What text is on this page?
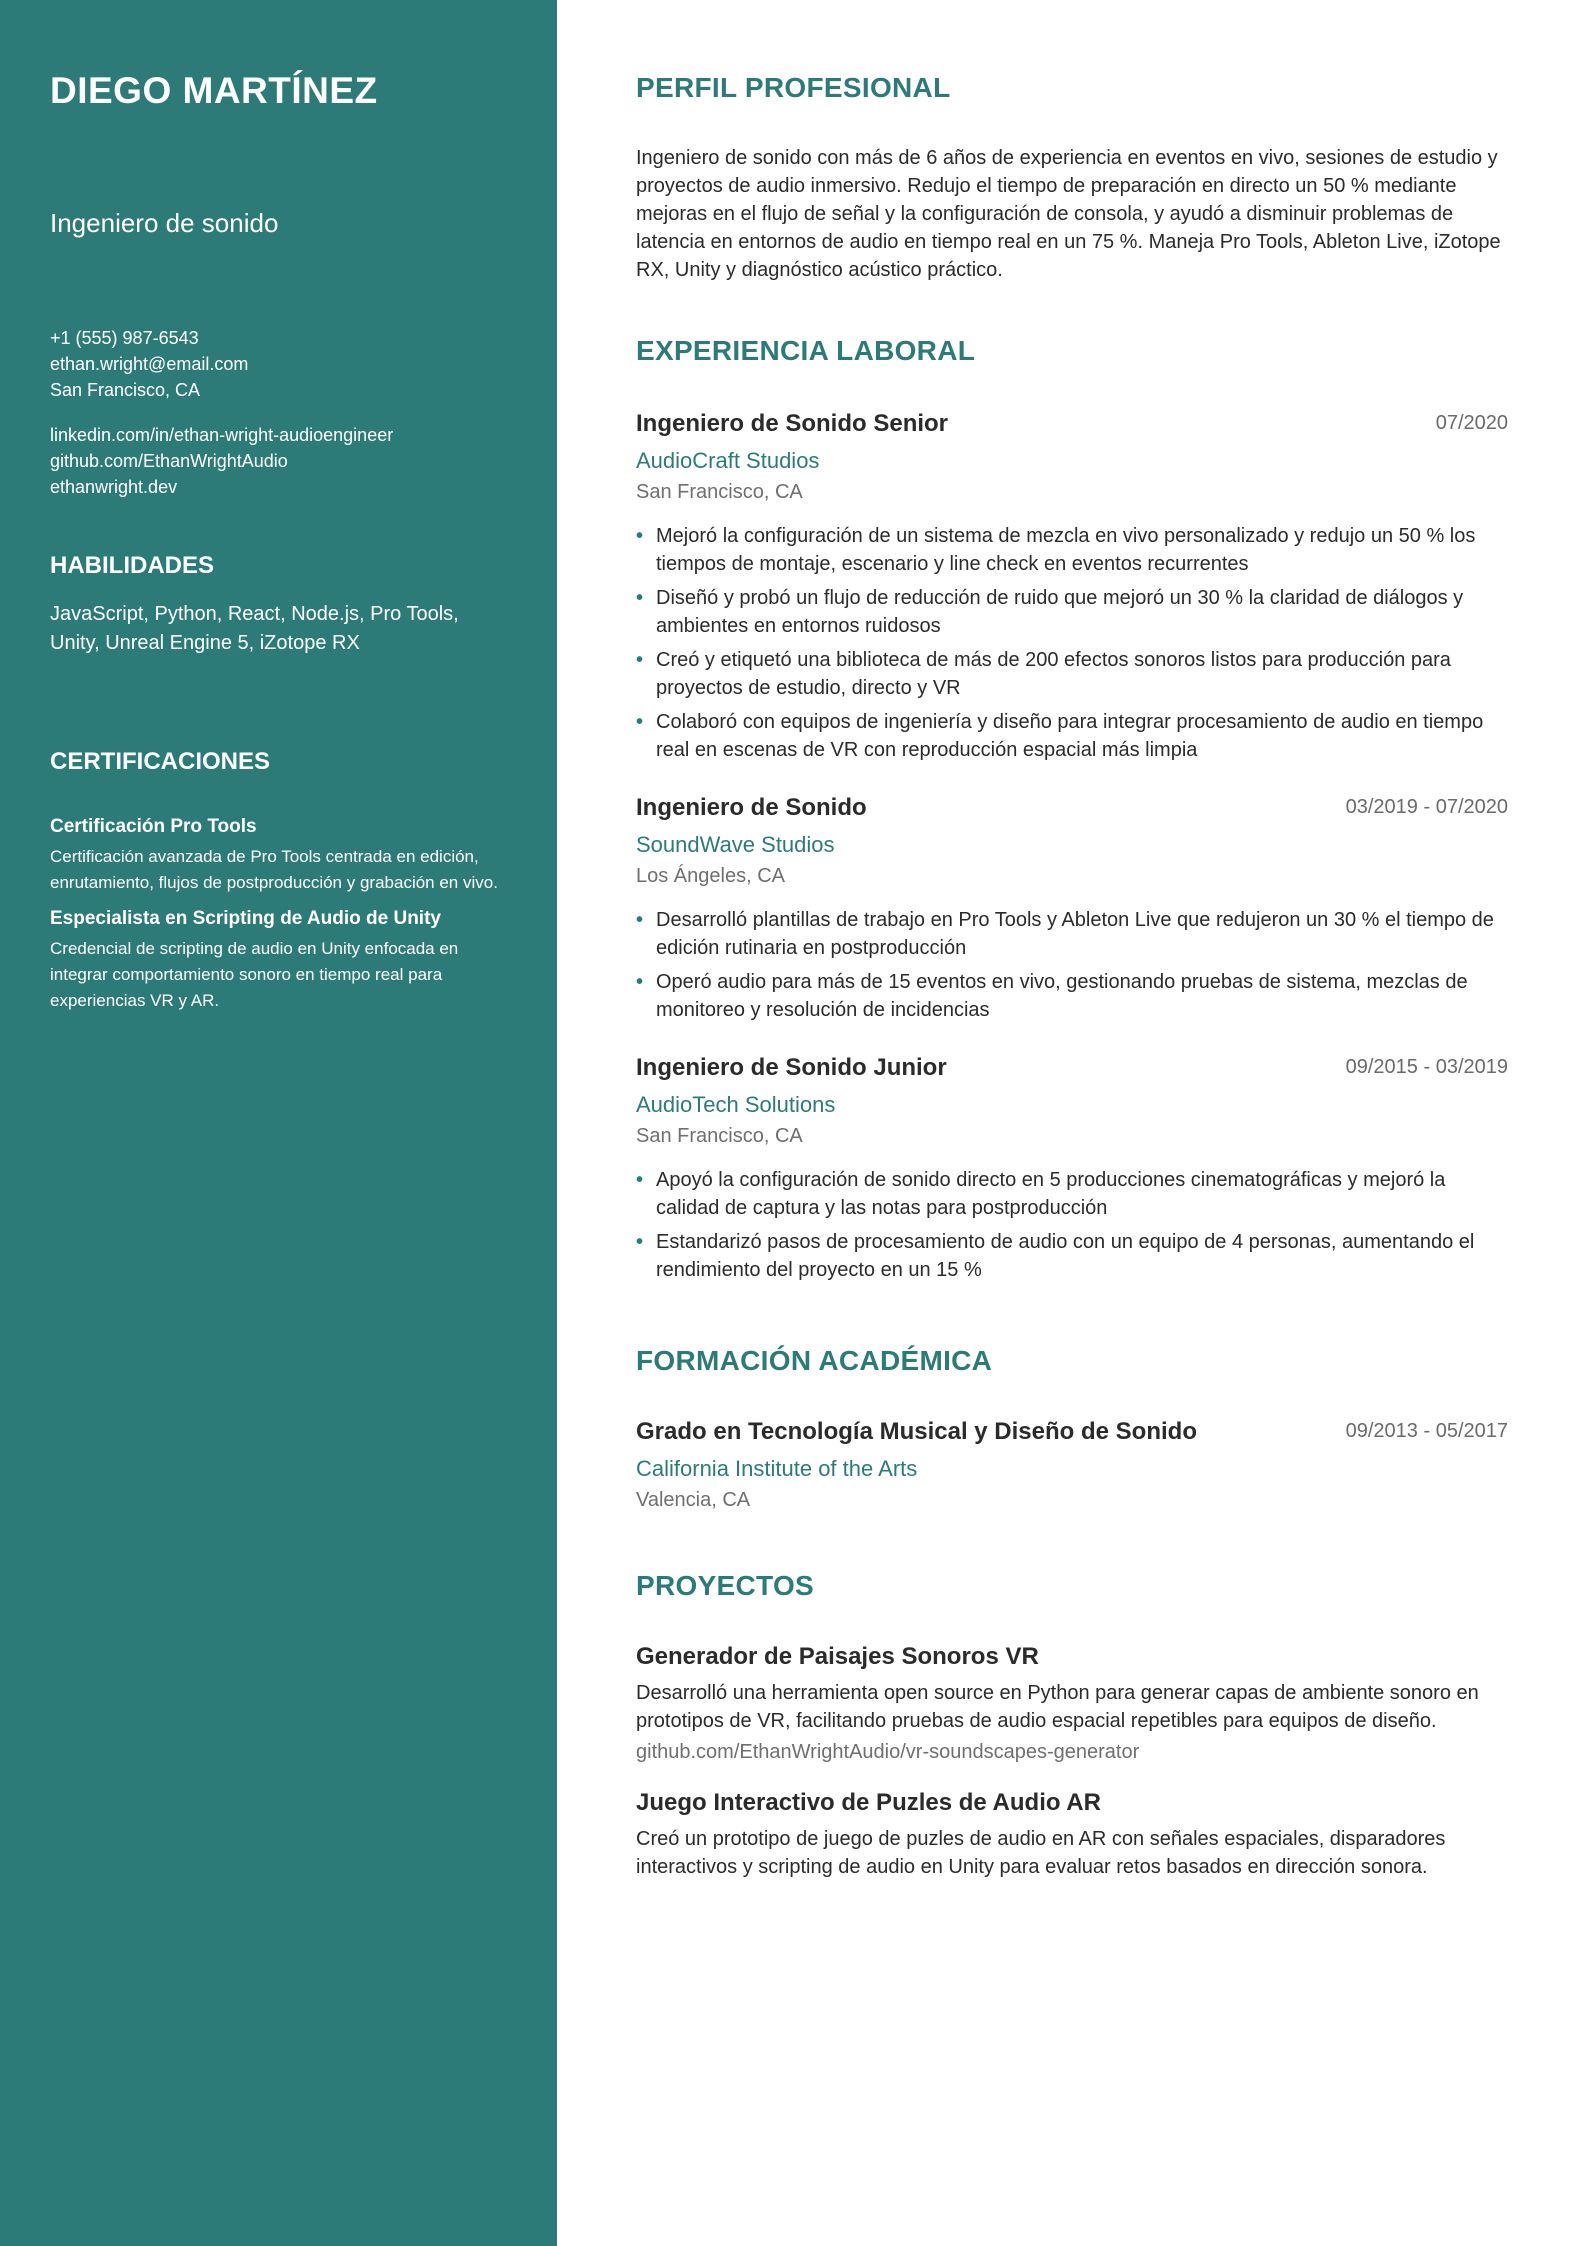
DIEGO MARTÍNEZ

Ingeniero de sonido

+1 (555) 987-6543
ethan.wright@email.com
San Francisco, CA
linkedin.com/in/ethan-wright-audioengineer
github.com/EthanWrightAudio
ethanwright.dev
HABILIDADES
JavaScript, Python, React, Node.js, Pro Tools, Unity, Unreal Engine 5, iZotope RX
CERTIFICACIONES

Certificación Pro Tools

Certificación avanzada de Pro Tools centrada en edición, enrutamiento, flujos de postproducción y grabación en vivo.

Especialista en Scripting de Audio de Unity

Credencial de scripting de audio en Unity enfocada en integrar comportamiento sonoro en tiempo real para experiencias VR y AR.

PERFIL PROFESIONAL

Ingeniero de sonido con más de 6 años de experiencia en eventos en vivo, sesiones de estudio y proyectos de audio inmersivo. Redujo el tiempo de preparación en directo un 50 % mediante mejoras en el flujo de señal y la configuración de consola, y ayudó a disminuir problemas de latencia en entornos de audio en tiempo real en un 75 %. Maneja Pro Tools, Ableton Live, iZotope RX, Unity y diagnóstico acústico práctico.

EXPERIENCIA LABORAL

Ingeniero de Sonido Senior	07/2020

AudioCraft Studios

San Francisco, CA

• Mejoró la configuración de un sistema de mezcla en vivo personalizado y redujo un 50 % los tiempos de montaje, escenario y line check en eventos recurrentes
• Diseñó y probó un flujo de reducción de ruido que mejoró un 30 % la claridad de diálogos y ambientes en entornos ruidosos
• Creó y etiquetó una biblioteca de más de 200 efectos sonoros listos para producción para proyectos de estudio, directo y VR
• Colaboró con equipos de ingeniería y diseño para integrar procesamiento de audio en tiempo real en escenas de VR con reproducción espacial más limpia

Ingeniero de Sonido	03/2019 - 07/2020

SoundWave Studios

Los Ángeles, CA

• Desarrolló plantillas de trabajo en Pro Tools y Ableton Live que redujeron un 30 % el tiempo de edición rutinaria en postproducción
• Operó audio para más de 15 eventos en vivo, gestionando pruebas de sistema, mezclas de monitoreo y resolución de incidencias

Ingeniero de Sonido Junior	09/2015 - 03/2019

AudioTech Solutions

San Francisco, CA

• Apoyó la configuración de sonido directo en 5 producciones cinematográficas y mejoró la calidad de captura y las notas para postproducción
• Estandarizó pasos de procesamiento de audio con un equipo de 4 personas, aumentando el rendimiento del proyecto en un 15 %
FORMACIÓN ACADÉMICA

Grado en Tecnología Musical y Diseño de Sonido	09/2013 - 05/2017

California Institute of the Arts

Valencia, CA

PROYECTOS

Generador de Paisajes Sonoros VR

Desarrolló una herramienta open source en Python para generar capas de ambiente sonoro en prototipos de VR, facilitando pruebas de audio espacial repetibles para equipos de diseño.

github.com/EthanWrightAudio/vr-soundscapes-generator

Juego Interactivo de Puzles de Audio AR

Creó un prototipo de juego de puzles de audio en AR con señales espaciales, disparadores interactivos y scripting de audio en Unity para evaluar retos basados en dirección sonora.
